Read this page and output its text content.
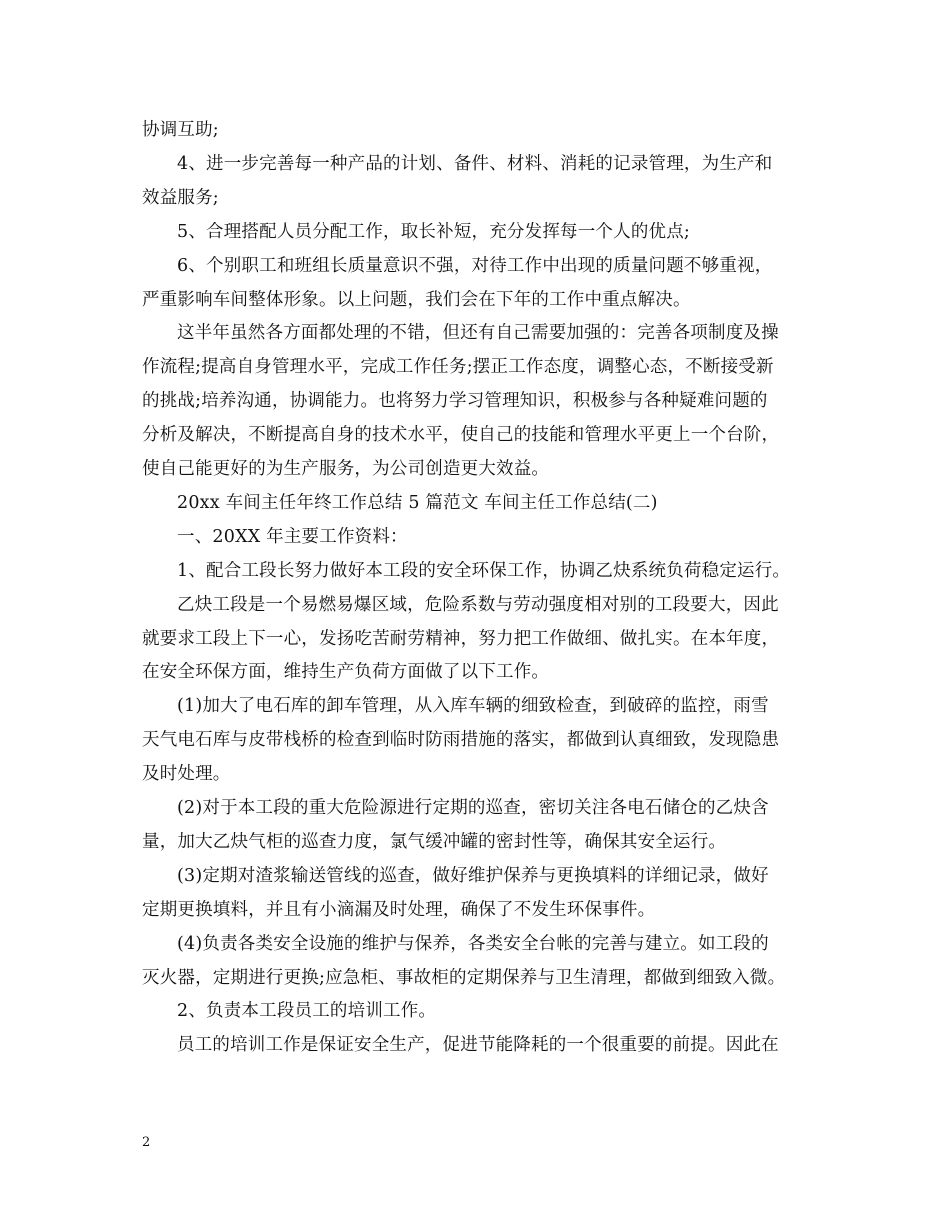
协调互助;
4、进一步完善每一种产品的计划、备件、材料、消耗的记录管理，为生产和
效益服务;
5、合理搭配人员分配工作，取长补短，充分发挥每一个人的优点;
6、个别职工和班组长质量意识不强，对待工作中出现的质量问题不够重视，
严重影响车间整体形象。以上问题，我们会在下年的工作中重点解决。
这半年虽然各方面都处理的不错，但还有自己需要加强的：完善各项制度及操
作流程;提高自身管理水平，完成工作任务;摆正工作态度，调整心态，不断接受新
的挑战;培养沟通，协调能力。也将努力学习管理知识，积极参与各种疑难问题的
分析及解决，不断提高自身的技术水平，使自己的技能和管理水平更上一个台阶，
使自己能更好的为生产服务，为公司创造更大效益。
20xx 车间主任年终工作总结 5 篇范文 车间主任工作总结(二)
一、20XX 年主要工作资料：
1、配合工段长努力做好本工段的安全环保工作，协调乙炔系统负荷稳定运行。
乙炔工段是一个易燃易爆区域，危险系数与劳动强度相对别的工段要大，因此
就要求工段上下一心，发扬吃苦耐劳精神，努力把工作做细、做扎实。在本年度，
在安全环保方面，维持生产负荷方面做了以下工作。
(1)加大了电石库的卸车管理，从入库车辆的细致检查，到破碎的监控，雨雪
天气电石库与皮带栈桥的检查到临时防雨措施的落实，都做到认真细致，发现隐患
及时处理。
(2)对于本工段的重大危险源进行定期的巡查，密切关注各电石储仓的乙炔含
量，加大乙炔气柜的巡查力度，氯气缓冲罐的密封性等，确保其安全运行。
(3)定期对渣浆输送管线的巡查，做好维护保养与更换填料的详细记录，做好
定期更换填料，并且有小滴漏及时处理，确保了不发生环保事件。
(4)负责各类安全设施的维护与保养，各类安全台帐的完善与建立。如工段的
灭火器，定期进行更换;应急柜、事故柜的定期保养与卫生清理，都做到细致入微。
2、负责本工段员工的培训工作。
员工的培训工作是保证安全生产，促进节能降耗的一个很重要的前提。因此在
2
